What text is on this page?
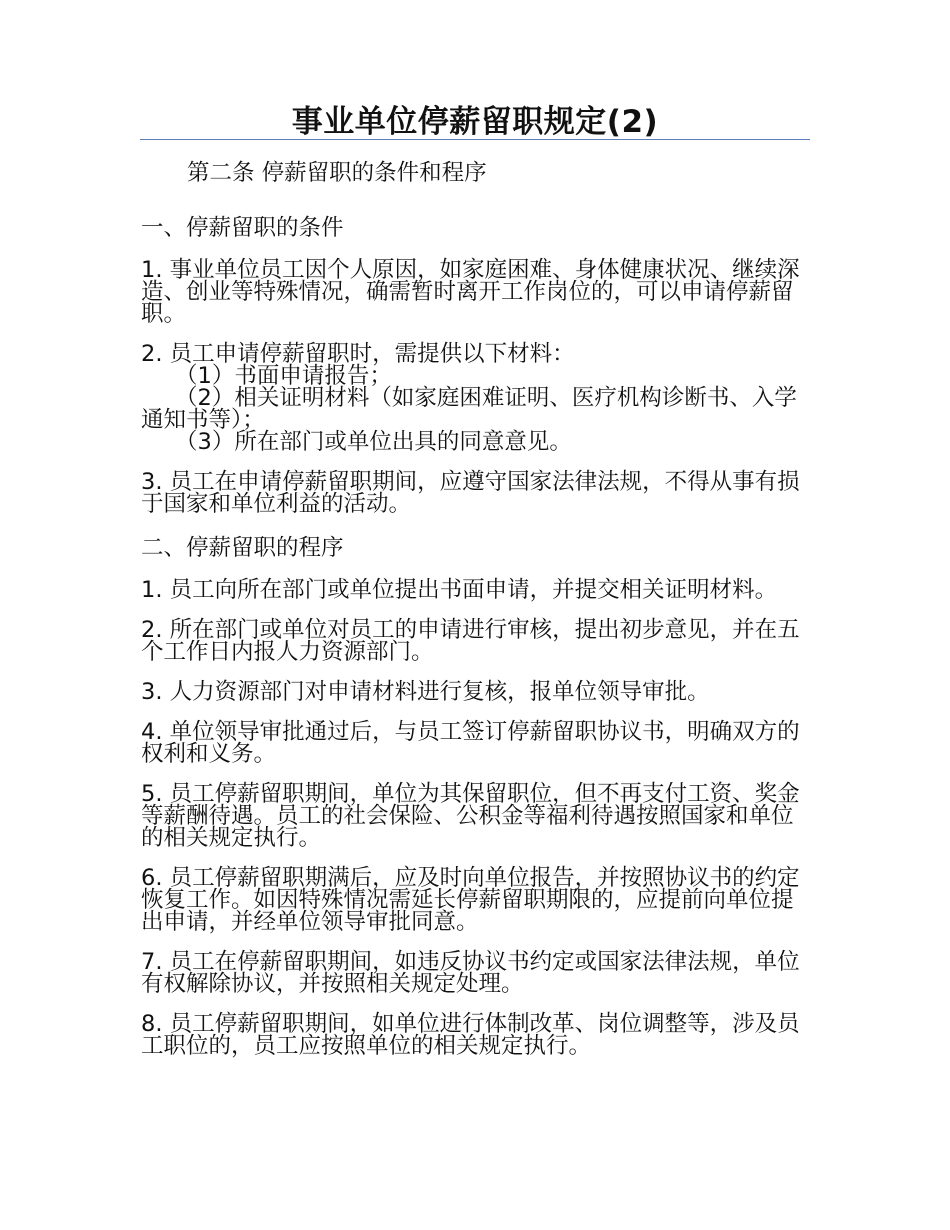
事业单位停薪留职规定(2)

第二条 停薪留职的条件和程序

一、停薪留职的条件

1. 事业单位员工因个人原因，如家庭困难、身体健康状况、继续深造、创业等特殊情况，确需暂时离开工作岗位的，可以申请停薪留职。

2. 员工申请停薪留职时，需提供以下材料：

（1）书面申请报告；

（2）相关证明材料（如家庭困难证明、医疗机构诊断书、入学通知书等）；

（3）所在部门或单位出具的同意意见。

3. 员工在申请停薪留职期间，应遵守国家法律法规，不得从事有损于国家和单位利益的活动。

二、停薪留职的程序

1. 员工向所在部门或单位提出书面申请，并提交相关证明材料。

2. 所在部门或单位对员工的申请进行审核，提出初步意见，并在五个工作日内报人力资源部门。

3. 人力资源部门对申请材料进行复核，报单位领导审批。

4. 单位领导审批通过后，与员工签订停薪留职协议书，明确双方的权利和义务。

5. 员工停薪留职期间，单位为其保留职位，但不再支付工资、奖金等薪酬待遇。员工的社会保险、公积金等福利待遇按照国家和单位的相关规定执行。

6. 员工停薪留职期满后，应及时向单位报告，并按照协议书的约定恢复工作。如因特殊情况需延长停薪留职期限的，应提前向单位提出申请，并经单位领导审批同意。

7. 员工在停薪留职期间，如违反协议书约定或国家法律法规，单位有权解除协议，并按照相关规定处理。

8. 员工停薪留职期间，如单位进行体制改革、岗位调整等，涉及员工职位的，员工应按照单位的相关规定执行。
